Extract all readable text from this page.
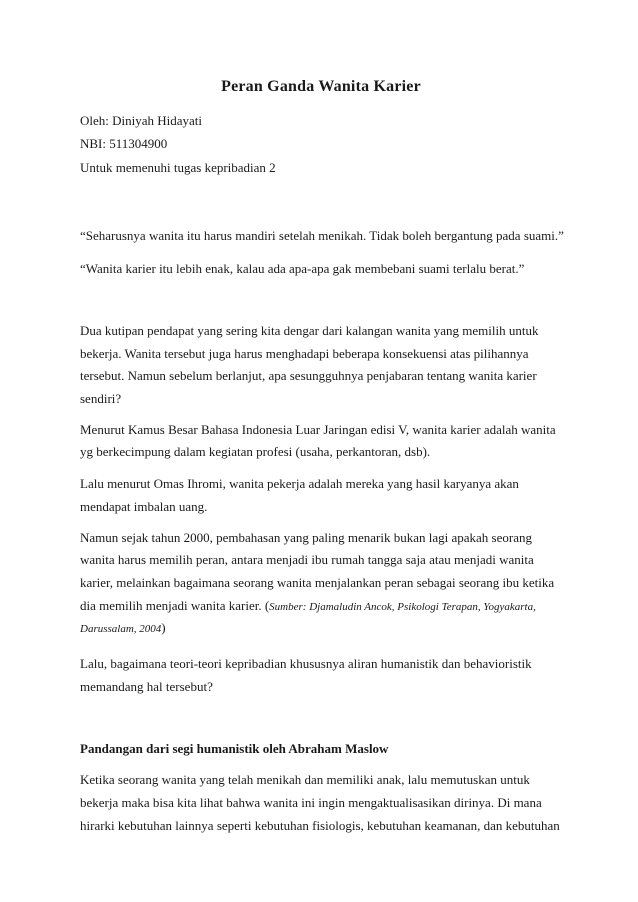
Peran Ganda Wanita Karier
Oleh: Diniyah Hidayati
NBI: 511304900
Untuk memenuhi tugas kepribadian 2
“Seharusnya wanita itu harus mandiri setelah menikah. Tidak boleh bergantung pada suami.”
“Wanita karier itu lebih enak, kalau ada apa-apa gak membebani suami terlalu berat.”
Dua kutipan pendapat yang sering kita dengar dari kalangan wanita yang memilih untuk
bekerja. Wanita tersebut juga harus menghadapi beberapa konsekuensi atas pilihannya
tersebut. Namun sebelum berlanjut, apa sesungguhnya penjabaran tentang wanita karier
sendiri?
Menurut Kamus Besar Bahasa Indonesia Luar Jaringan edisi V, wanita karier adalah wanita
yg berkecimpung dalam kegiatan profesi (usaha, perkantoran, dsb).
Lalu menurut Omas Ihromi, wanita pekerja adalah mereka yang hasil karyanya akan
mendapat imbalan uang.
Namun sejak tahun 2000, pembahasan yang paling menarik bukan lagi apakah seorang
wanita harus memilih peran, antara menjadi ibu rumah tangga saja atau menjadi wanita
karier, melainkan bagaimana seorang wanita menjalankan peran sebagai seorang ibu ketika
dia memilih menjadi wanita karier. (Sumber: Djamaludin Ancok, Psikologi Terapan, Yogyakarta,
Darussalam, 2004)
Lalu, bagaimana teori-teori kepribadian khususnya aliran humanistik dan behavioristik
memandang hal tersebut?
Pandangan dari segi humanistik oleh Abraham Maslow
Ketika seorang wanita yang telah menikah dan memiliki anak, lalu memutuskan untuk
bekerja maka bisa kita lihat bahwa wanita ini ingin mengaktualisasikan dirinya. Di mana
hirarki kebutuhan lainnya seperti kebutuhan fisiologis, kebutuhan keamanan, dan kebutuhan
